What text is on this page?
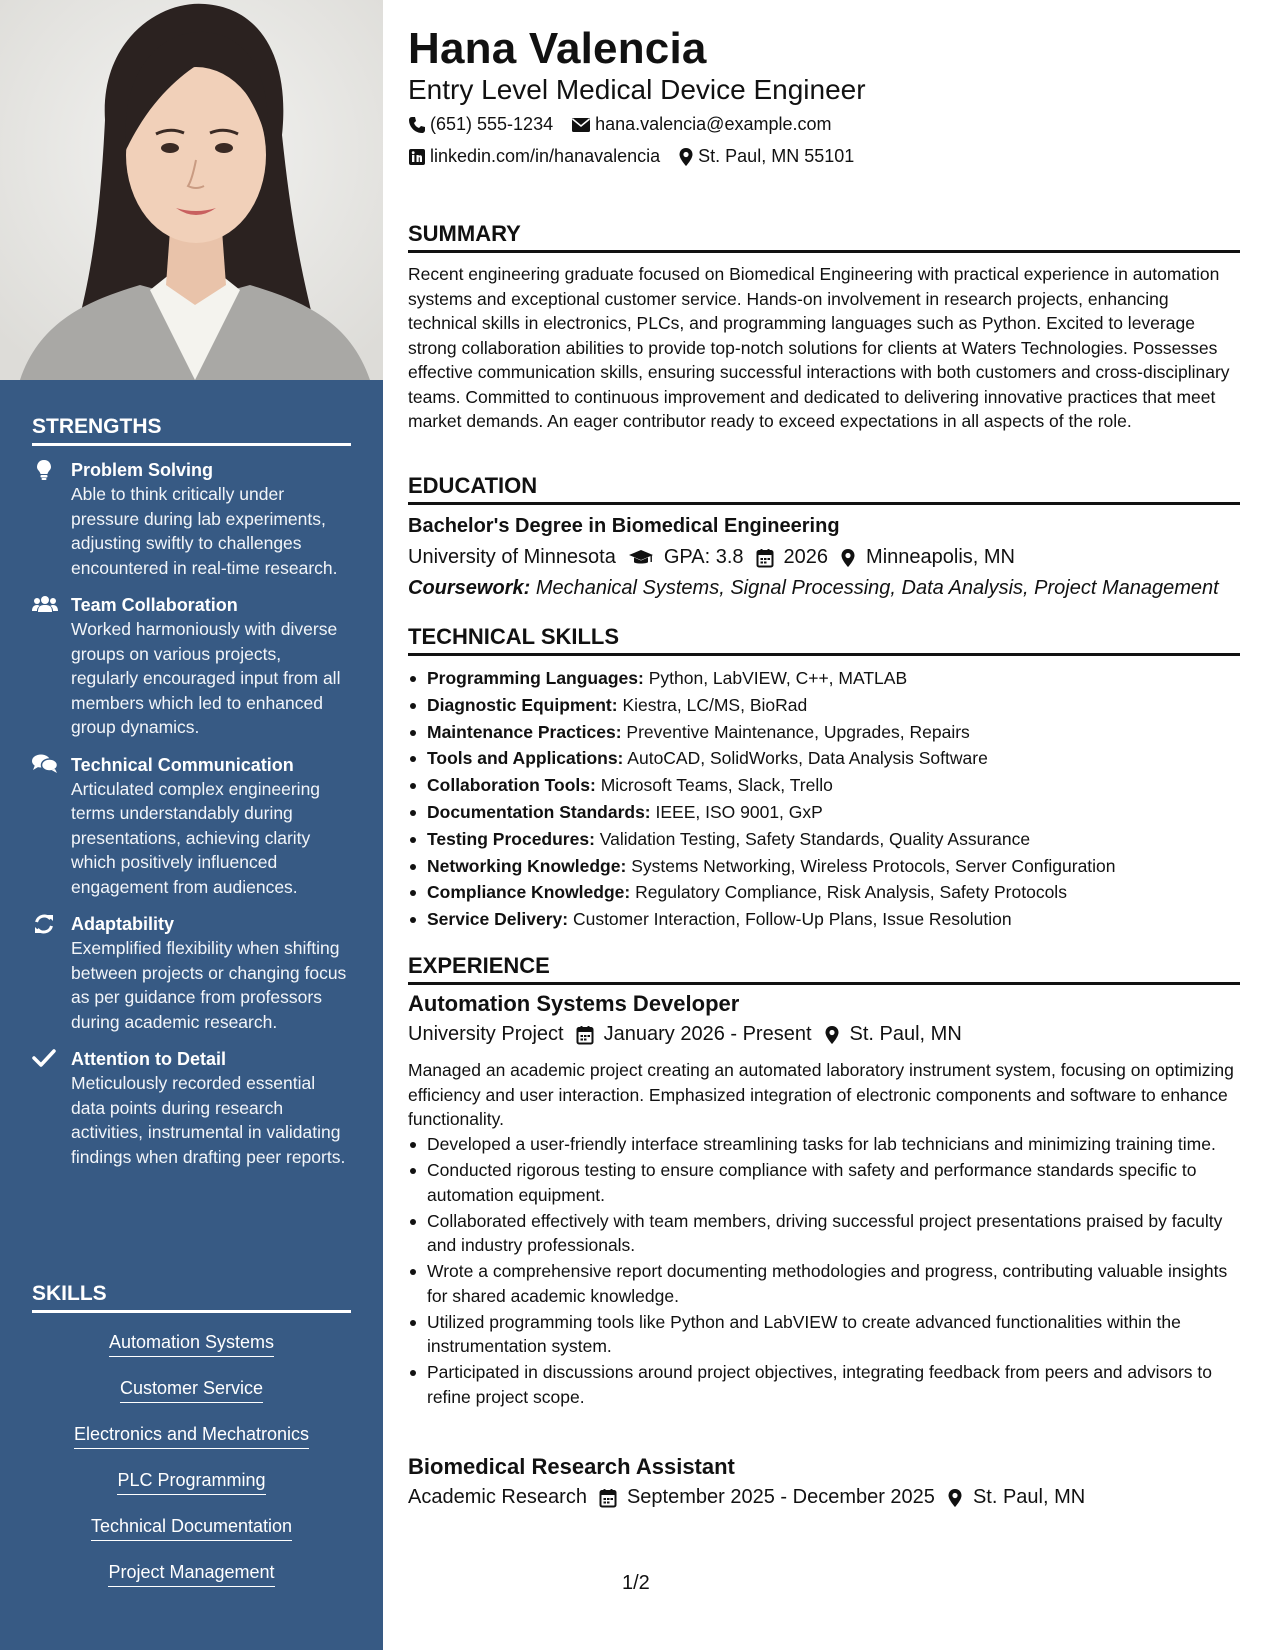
STRENGTHS
Problem Solving
Able to think critically under pressure during lab experiments, adjusting swiftly to challenges encountered in real-time research.
Team Collaboration
Worked harmoniously with diverse groups on various projects, regularly encouraged input from all members which led to enhanced group dynamics.
Technical Communication
Articulated complex engineering terms understandably during presentations, achieving clarity which positively influenced engagement from audiences.
Adaptability
Exemplified flexibility when shifting between projects or changing focus as per guidance from professors during academic research.
Attention to Detail
Meticulously recorded essential data points during research activities, instrumental in validating findings when drafting peer reports.
SKILLS
Automation Systems
Customer Service
Electronics and Mechatronics
PLC Programming
Technical Documentation
Project Management
Hana Valencia
Entry Level Medical Device Engineer
(651) 555-1234 hana.valencia@example.com
linkedin.com/in/hanavalencia St. Paul, MN 55101
SUMMARY

Recent engineering graduate focused on Biomedical Engineering with practical experience in automation systems and exceptional customer service. Hands-on involvement in research projects, enhancing technical skills in electronics, PLCs, and programming languages such as Python. Excited to leverage strong collaboration abilities to provide top-notch solutions for clients at Waters Technologies. Possesses effective communication skills, ensuring successful interactions with both customers and cross-disciplinary teams. Committed to continuous improvement and dedicated to delivering innovative practices that meet market demands. An eager contributor ready to exceed expectations in all aspects of the role.

EDUCATION
Bachelor's Degree in Biomedical Engineering
University of Minnesota GPA: 3.8 2026 Minneapolis, MN
Coursework: Mechanical Systems, Signal Processing, Data Analysis, Project Management
TECHNICAL SKILLS
Programming Languages: Python, LabVIEW, C++, MATLAB
Diagnostic Equipment: Kiestra, LC/MS, BioRad
Maintenance Practices: Preventive Maintenance, Upgrades, Repairs
Tools and Applications: AutoCAD, SolidWorks, Data Analysis Software
Collaboration Tools: Microsoft Teams, Slack, Trello
Documentation Standards: IEEE, ISO 9001, GxP
Testing Procedures: Validation Testing, Safety Standards, Quality Assurance
Networking Knowledge: Systems Networking, Wireless Protocols, Server Configuration
Compliance Knowledge: Regulatory Compliance, Risk Analysis, Safety Protocols
Service Delivery: Customer Interaction, Follow-Up Plans, Issue Resolution
EXPERIENCE
Automation Systems Developer
University Project January 2026 - Present St. Paul, MN

Managed an academic project creating an automated laboratory instrument system, focusing on optimizing efficiency and user interaction. Emphasized integration of electronic components and software to enhance functionality.

Developed a user-friendly interface streamlining tasks for lab technicians and minimizing training time.
Conducted rigorous testing to ensure compliance with safety and performance standards specific to automation equipment.
Collaborated effectively with team members, driving successful project presentations praised by faculty and industry professionals.
Wrote a comprehensive report documenting methodologies and progress, contributing valuable insights for shared academic knowledge.
Utilized programming tools like Python and LabVIEW to create advanced functionalities within the instrumentation system.
Participated in discussions around project objectives, integrating feedback from peers and advisors to refine project scope.
Biomedical Research Assistant
Academic Research September 2025 - December 2025 St. Paul, MN
1/2
